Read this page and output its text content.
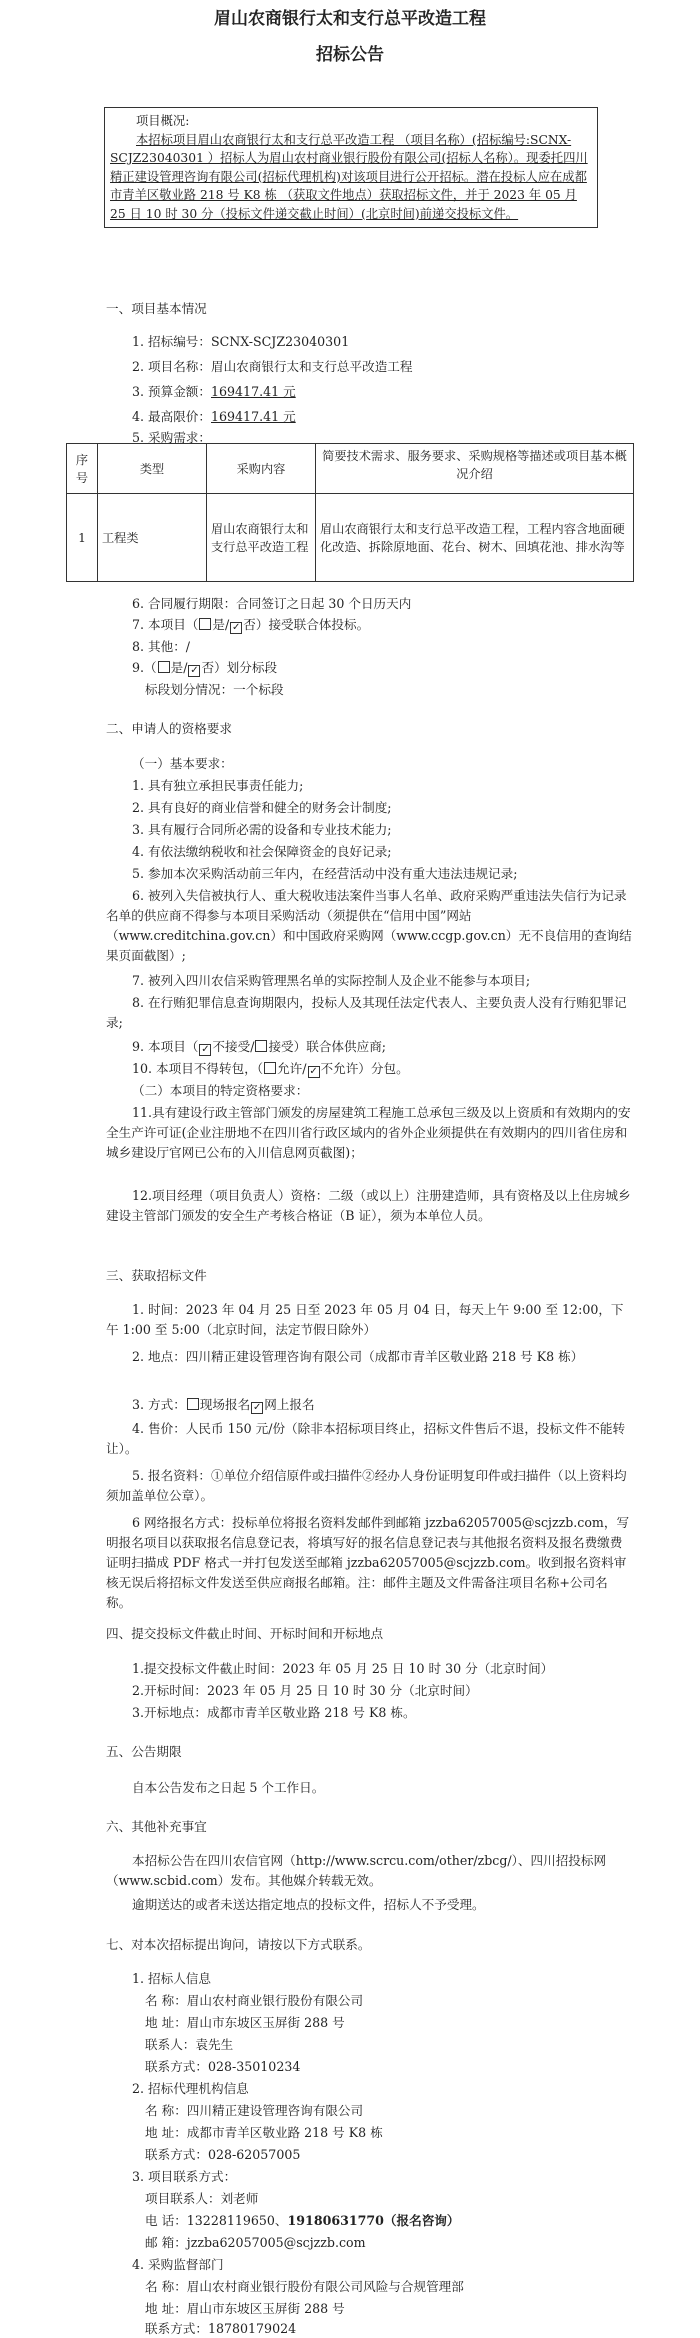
眉山农商银行太和支行总平改造工程
招标公告
项目概况:
本招标项目眉山农商银行太和支行总平改造工程 （项目名称）(招标编号:SCNX-SCJZ23040301 ）招标人为眉山农村商业银行股份有限公司(招标人名称）。现委托四川精正建设管理咨询有限公司(招标代理机构)对该项目进行公开招标。潜在投标人应在成都市青羊区敬业路 218 号 K8 栋 （获取文件地点）获取招标文件，并于 2023 年 05 月 25 日 10 时 30 分（投标文件递交截止时间）(北京时间)前递交投标文件。
一、项目基本情况
1. 招标编号：SCNX-SCJZ23040301
2. 项目名称：眉山农商银行太和支行总平改造工程
3. 预算金额：169417.41 元
4. 最高限价：169417.41 元
5. 采购需求：
序号	类型	采购内容	简要技术需求、服务要求、采购规格等描述或项目基本概况介绍
1	工程类	眉山农商银行太和支行总平改造工程	眉山农商银行太和支行总平改造工程，工程内容含地面硬化改造、拆除原地面、花台、树木、回填花池、排水沟等
6. 合同履行期限：合同签订之日起 30 个日历天内
7. 本项目（ 是/ ✓ 否）接受联合体投标。
8. 其他：/
9.（ 是/ ✓ 否）划分标段
标段划分情况：一个标段
二、申请人的资格要求
（一）基本要求：
1. 具有独立承担民事责任能力;
2. 具有良好的商业信誉和健全的财务会计制度;
3. 具有履行合同所必需的设备和专业技术能力;
4. 有依法缴纳税收和社会保障资金的良好记录;
5. 参加本次采购活动前三年内，在经营活动中没有重大违法违规记录;
6. 被列入失信被执行人、重大税收违法案件当事人名单、政府采购严重违法失信行为记录名单的供应商不得参与本项目采购活动（须提供在“信用中国”网站（www.creditchina.gov.cn）和中国政府采购网（www.ccgp.gov.cn）无不良信用的查询结果页面截图）;
7. 被列入四川农信采购管理黑名单的实际控制人及企业不能参与本项目;
8. 在行贿犯罪信息查询期限内，投标人及其现任法定代表人、主要负责人没有行贿犯罪记录;
9. 本项目（ ✓ 不接受/ 接受）联合体供应商;
10. 本项目不得转包，（ 允许/ ✓ 不允许）分包。
（二）本项目的特定资格要求：
11.具有建设行政主管部门颁发的房屋建筑工程施工总承包三级及以上资质和有效期内的安全生产许可证(企业注册地不在四川省行政区域内的省外企业须提供在有效期内的四川省住房和城乡建设厅官网已公布的入川信息网页截图)；
12.项目经理（项目负责人）资格：二级（或以上）注册建造师，具有资格及以上住房城乡建设主管部门颁发的安全生产考核合格证（B 证），须为本单位人员。
三、获取招标文件
1. 时间：2023 年 04 月 25 日至 2023 年 05 月 04 日，每天上午 9:00 至 12:00，下午 1:00 至 5:00（北京时间，法定节假日除外）
2. 地点：四川精正建设管理咨询有限公司（成都市青羊区敬业路 218 号 K8 栋）
3. 方式： 现场报名 ✓ 网上报名
4. 售价：人民币 150 元/份（除非本招标项目终止，招标文件售后不退，投标文件不能转让）。
5. 报名资料：①单位介绍信原件或扫描件②经办人身份证明复印件或扫描件（以上资料均须加盖单位公章）。
6 网络报名方式：投标单位将报名资料发邮件到邮箱 jzzba62057005@scjzzb.com，写明报名项目以获取报名信息登记表，将填写好的报名信息登记表与其他报名资料及报名费缴费证明扫描成 PDF 格式一并打包发送至邮箱 jzzba62057005@scjzzb.com。收到报名资料审核无误后将招标文件发送至供应商报名邮箱。注：邮件主题及文件需备注项目名称+公司名称。
四、提交投标文件截止时间、开标时间和开标地点
1.提交投标文件截止时间：2023 年 05 月 25 日 10 时 30 分（北京时间）
2.开标时间：2023 年 05 月 25 日 10 时 30 分（北京时间）
3.开标地点：成都市青羊区敬业路 218 号 K8 栋。
五、公告期限
自本公告发布之日起 5 个工作日。
六、其他补充事宜
本招标公告在四川农信官网（http://www.scrcu.com/other/zbcg/）、四川招投标网（www.scbid.com）发布。其他媒介转载无效。
逾期送达的或者未送达指定地点的投标文件，招标人不予受理。
七、对本次招标提出询问，请按以下方式联系。
1. 招标人信息
名 称：眉山农村商业银行股份有限公司
地 址：眉山市东坡区玉屏街 288 号
联系人：袁先生
联系方式：028-35010234
2. 招标代理机构信息
名 称：四川精正建设管理咨询有限公司
地 址：成都市青羊区敬业路 218 号 K8 栋
联系方式：028-62057005
3. 项目联系方式：
项目联系人：刘老师
电 话：13228119650、19180631770（报名咨询）
邮 箱：jzzba62057005@scjzzb.com
4. 采购监督部门
名 称：眉山农村商业银行股份有限公司风险与合规管理部
地 址：眉山市东坡区玉屏街 288 号
联系方式：18780179024
